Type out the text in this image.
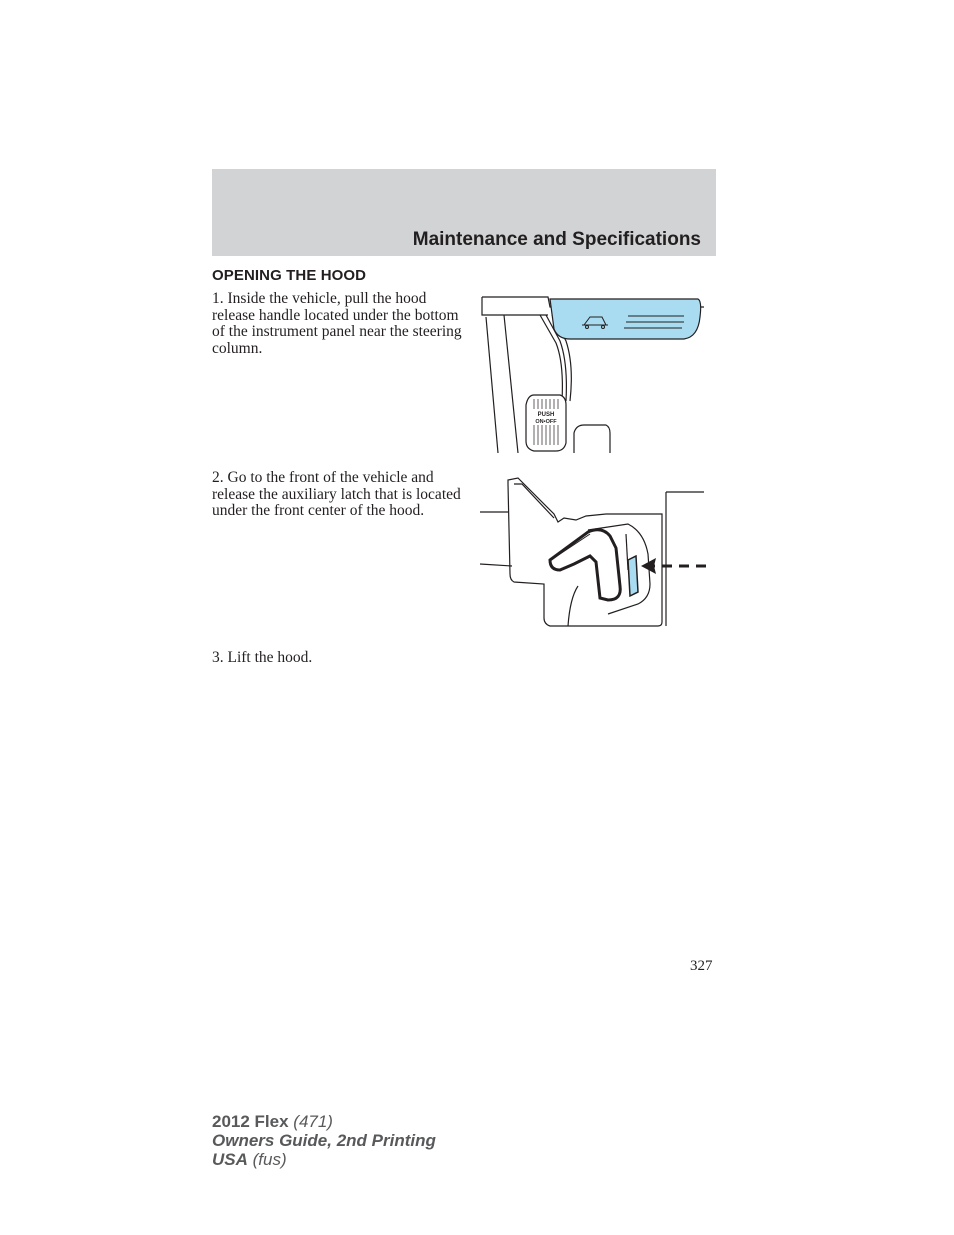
Maintenance and Specifications
OPENING THE HOOD
1. Inside the vehicle, pull the hood release handle located under the bottom of the instrument panel near the steering column.
2. Go to the front of the vehicle and release the auxiliary latch that is located under the front center of the hood.
3. Lift the hood.
PUSH
ON•OFF
327
2012 Flex (471)
Owners Guide, 2nd Printing
USA (fus)
